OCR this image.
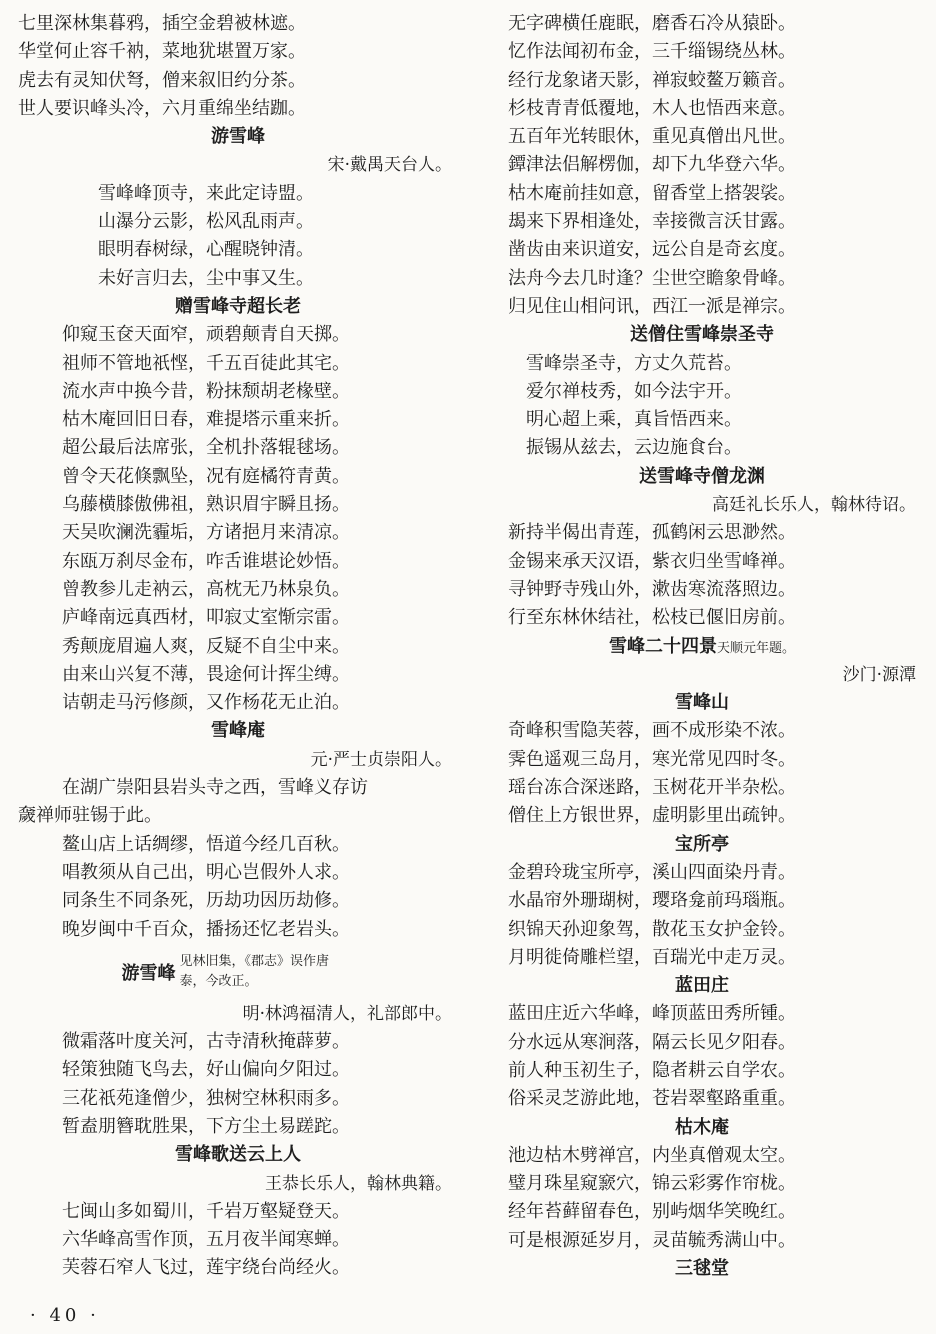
七里深林集暮鸦，插空金碧被林遮。
华堂何止容千衲，菜地犹堪置万家。
虎去有灵知伏弩，僧来叙旧约分茶。
世人要识峰头冷，六月重绵坐结跏。
游雪峰
宋·戴禺天台人。
雪峰峰顶寺，来此定诗盟。
山瀑分云影，松风乱雨声。
眼明春树绿，心醒晓钟清。
未好言归去，尘中事又生。
赠雪峰寺超长老
仰窥玉奁天面窄，顽碧颠青自天掷。
祖师不管地祇悭，千五百徒此其宅。
流水声中换今昔，粉抹颓胡老椽壁。
枯木庵回旧日春，难提塔示重来折。
超公最后法席张，全机扑落辊毬场。
曾令天花倏飘坠，况有庭橘符青黄。
乌藤横膝傲佛祖，熟识眉宇瞬且扬。
天吴吹澜洗霾垢，方诸挹月来清凉。
东瓯万刹尽金布，咋舌谁堪论妙悟。
曾教参儿走衲云，高枕无乃林泉负。
庐峰南远真西材，叩寂丈室惭宗雷。
秀颠庞眉遍人爽，反疑不自尘中来。
由来山兴复不薄，畏途何计挥尘缚。
诘朝走马污修颜，又作杨花无止泊。
雪峰庵
元·严士贞崇阳人。
在湖广崇阳县岩头寺之西，雪峰义存访
奯禅师驻锡于此。
鳌山店上话绸缪，悟道今经几百秋。
唱教须从自己出，明心岂假外人求。
同条生不同条死，历劫功因历劫修。
晚岁闽中千百众，播扬还忆老岩头。
游雪峰
见林旧集，《郡志》误作唐泰，今改正。
明·林鸿福清人，礼部郎中。
微霜落叶度关河，古寺清秋掩薜萝。
轻策独随飞鸟去，好山偏向夕阳过。
三花祇苑逢僧少，独树空林积雨多。
暂盍朋簪耽胜果，下方尘土易蹉跎。
雪峰歌送云上人
王恭长乐人，翰林典籍。
七闽山多如蜀川，千岩万壑疑登天。
六华峰高雪作顶，五月夜半闻寒蝉。
芙蓉石窄人飞过，莲宇绕台尚经火。
无字碑横任鹿眠，磨香石冷从猿卧。
忆作法闻初布金，三千缁锡绕丛林。
经行龙象诸天影，禅寂蛟鳌万籁音。
杉枝青青低覆地，木人也悟西来意。
五百年光转眼休，重见真僧出凡世。
鐔津法侣解楞伽，却下九华登六华。
枯木庵前挂如意，留香堂上搭袈裟。
朅来下界相逢处，幸接微言沃甘露。
凿齿由来识道安，远公自是奇玄度。
法舟今去几时逢？尘世空瞻象骨峰。
归见住山相问讯，西江一派是禅宗。
送僧住雪峰崇圣寺
雪峰崇圣寺，方丈久荒苔。
爱尔禅枝秀，如今法宇开。
明心超上乘，真旨悟西来。
振锡从兹去，云边施食台。
送雪峰寺僧龙渊
高廷礼长乐人，翰林待诏。
新持半偈出青莲，孤鹤闲云思渺然。
金锡来承天汉语，紫衣归坐雪峰禅。
寻钟野寺残山外，漱齿寒流落照边。
行至东林休结社，松枝已偃旧房前。
雪峰二十四景天顺元年题。
沙门·源潭
雪峰山
奇峰积雪隐芙蓉，画不成形染不浓。
霁色遥观三岛月，寒光常见四时冬。
瑶台冻合深迷路，玉树花开半杂松。
僧住上方银世界，虚明影里出疏钟。
宝所亭
金碧玲珑宝所亭，溪山四面染丹青。
水晶帘外珊瑚树，璎珞龛前玛瑙瓶。
织锦天孙迎象驾，散花玉女护金铃。
月明徙倚雕栏望，百瑞光中走万灵。
蓝田庄
蓝田庄近六华峰，峰顶蓝田秀所锺。
分水远从寒涧落，隔云长见夕阳春。
前人种玉初生子，隐者耕云自学农。
俗采灵芝游此地，苍岩翠壑路重重。
枯木庵
池边枯木劈禅宫，内坐真僧观太空。
璧月珠星窥窾穴，锦云彩雾作帘栊。
经年苔藓留春色，别屿烟华笑晚红。
可是根源延岁月，灵苗毓秀满山中。
三毬堂
· 40 ·
